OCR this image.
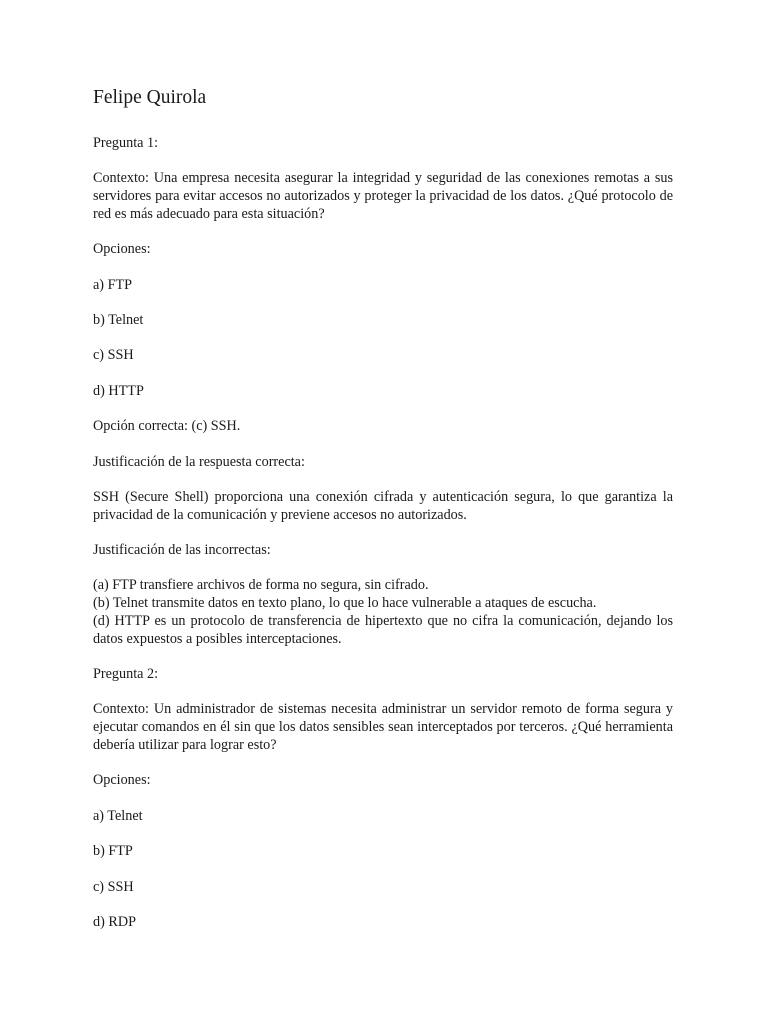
Felipe Quirola

Pregunta 1:

Contexto: Una empresa necesita asegurar la integridad y seguridad de las conexiones remotas a sus
servidores para evitar accesos no autorizados y proteger la privacidad de los datos. ¿Qué protocolo de
red es más adecuado para esta situación?

Opciones:

a) FTP

b) Telnet

c) SSH

d) HTTP

Opción correcta: (c) SSH.

Justificación de la respuesta correcta:

SSH (Secure Shell) proporciona una conexión cifrada y autenticación segura, lo que garantiza la
privacidad de la comunicación y previene accesos no autorizados.

Justificación de las incorrectas:

(a) FTP transfiere archivos de forma no segura, sin cifrado.
(b) Telnet transmite datos en texto plano, lo que lo hace vulnerable a ataques de escucha.
(d) HTTP es un protocolo de transferencia de hipertexto que no cifra la comunicación, dejando los
datos expuestos a posibles interceptaciones.

Pregunta 2:

Contexto: Un administrador de sistemas necesita administrar un servidor remoto de forma segura y
ejecutar comandos en él sin que los datos sensibles sean interceptados por terceros. ¿Qué herramienta
debería utilizar para lograr esto?

Opciones:

a) Telnet

b) FTP

c) SSH

d) RDP
